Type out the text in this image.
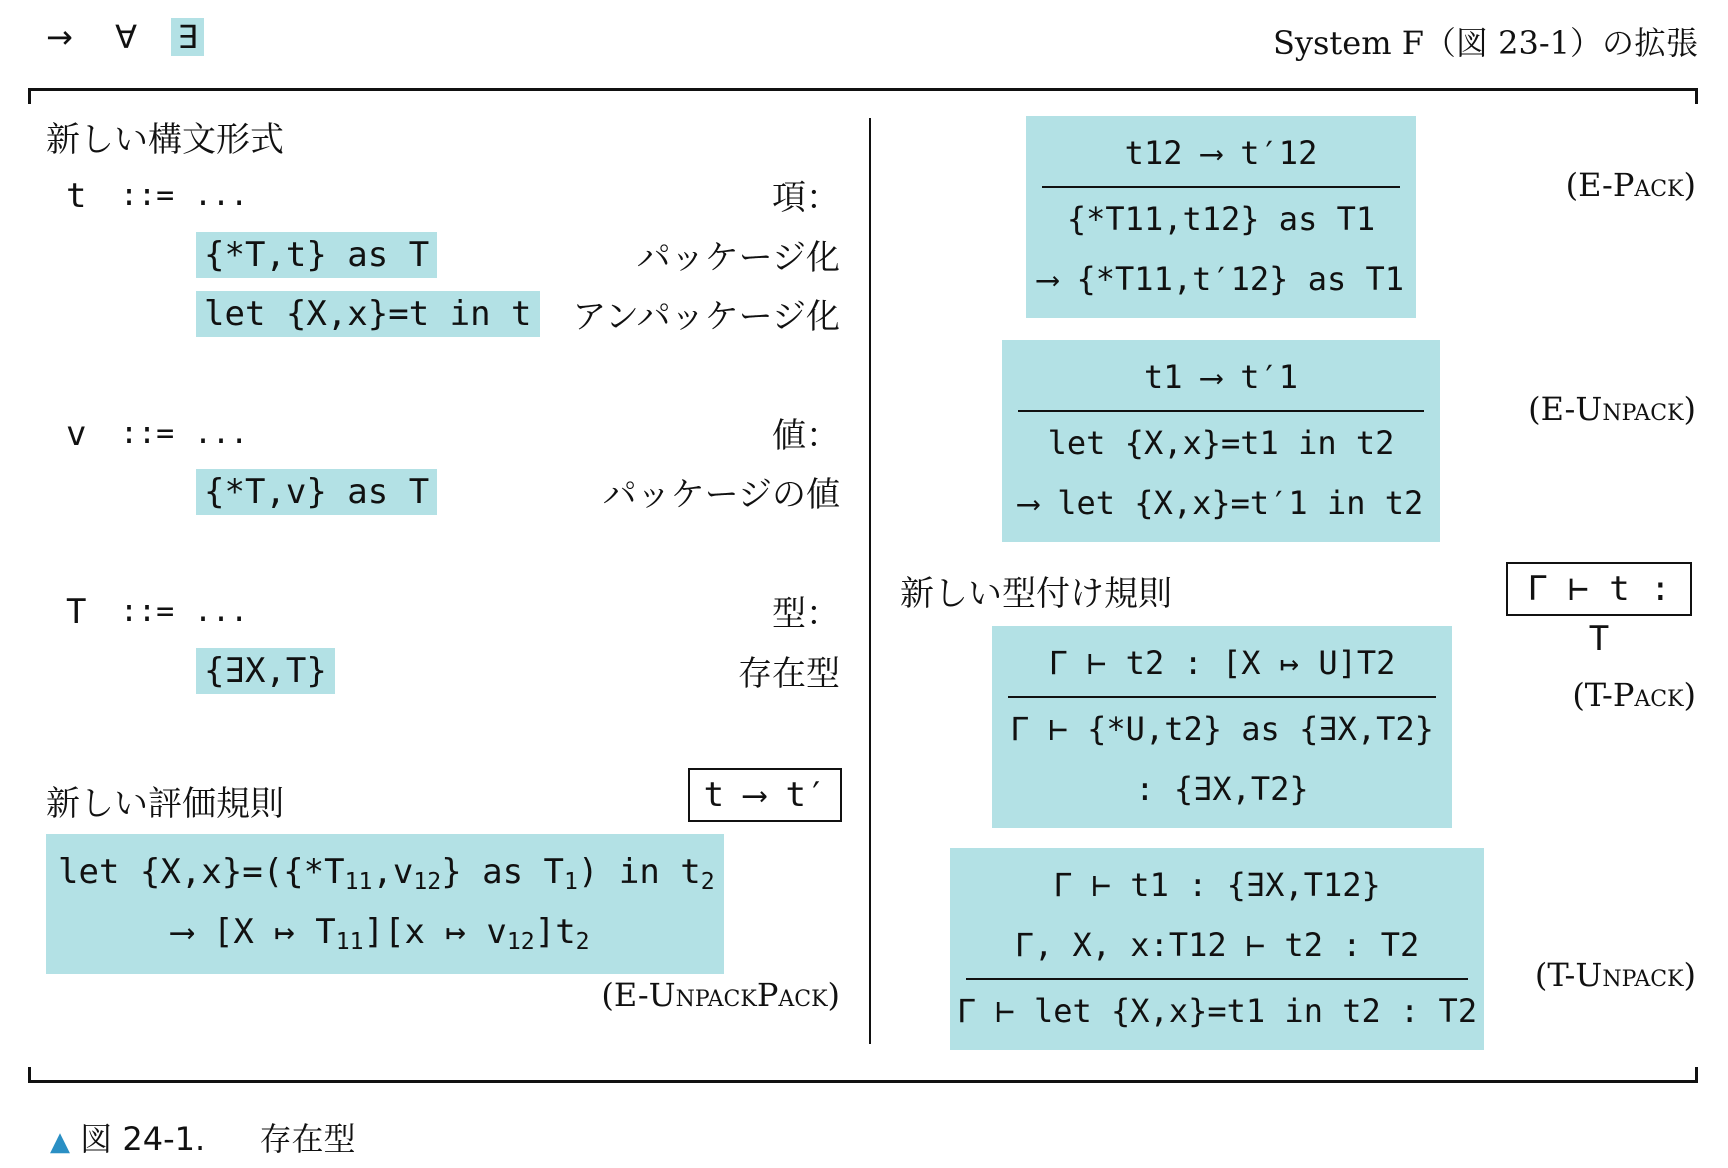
→ ∀ ∃	System F（図 23-1）の拡張
新しい構文形式
t ::= ...	項：
{*T,t} as T	パッケージ化
let {X,x}=t in t	アンパッケージ化
v ::= ...	値：
{*T,v} as T	パッケージの値
T ::= ...	型：
{∃X,T}	存在型
新しい評価規則	t ⟶ t′
let $\{X,x\}=(\{*T_{11},v_{12}\}$ as $T_1$) in $t_2$
⟶ [X ↦ $T_{11}][x$ ↦ $v_{12}]t_2$
(E-UnpackPack)
t12 ⟶ t′12
{*T11,t12} as T1
⟶ {*T11,t′12} as T1
(E-Pack)
t1 ⟶ t′1
let {X,x}=t1 in t2
⟶ let {X,x}=t′1 in t2
(E-Unpack)
新しい型付け規則	Γ ⊢ t : T
Γ ⊢ t2 : [X ↦ U]T2
Γ ⊢ {*U,t2} as {∃X,T2}
: {∃X,T2}
(T-Pack)
Γ ⊢ t1 : {∃X,T12}
Γ, X, x:T12 ⊢ t2 : T2
Γ ⊢ let {X,x}=t1 in t2 : T2
(T-Unpack)
▲ 図 24-1. 存在型
